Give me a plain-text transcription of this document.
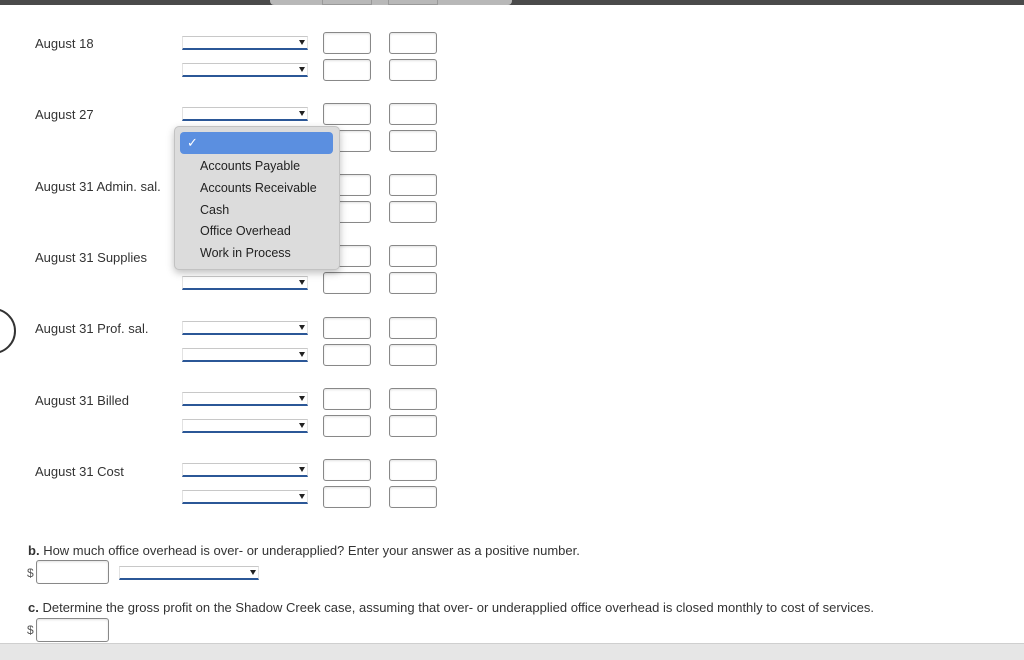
August 18
August 27
August 31 Admin. sal.
August 31 Supplies
August 31 Prof. sal.
August 31 Billed
August 31 Cost
✓
Accounts Payable
Accounts Receivable
Cash
Office Overhead
Work in Process
b. How much office overhead is over- or underapplied? Enter your answer as a positive number.
$
c. Determine the gross profit on the Shadow Creek case, assuming that over- or underapplied office overhead is closed monthly to cost of services.
$
